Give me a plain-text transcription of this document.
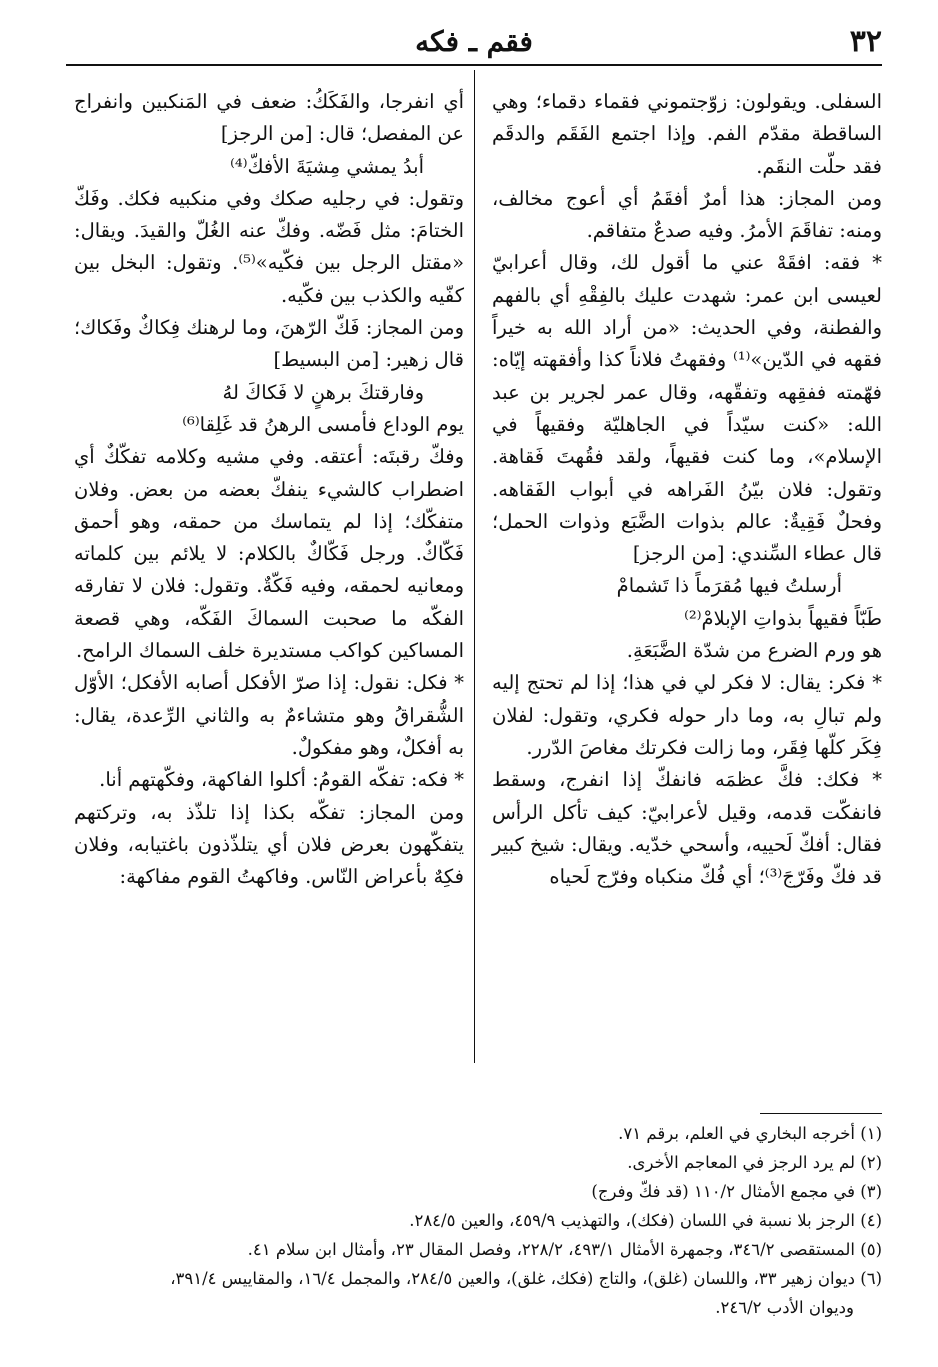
٣٢
فقم ـ فكه

السفلى. ويقولون: زوّجتموني فقماء دقماء؛ وهي الساقطة مقدّم الفم. وإذا اجتمع الفَقَم والدقَم فقد حلّت النقَم.

ومن المجاز: هذا أمرٌ أفقَمُ أي أعوج مخالف، ومنه: تفاقَمَ الأمرُ. وفيه صدعٌ متفاقم.

* فقه: افقَهْ عني ما أقول لك، وقال أعرابيّ لعيسى ابن عمر: شهدت عليك بالفِقْهِ أي بالفهم والفطنة، وفي الحديث: «من أراد الله به خيراً فقهه في الدّين»⁽¹⁾ وفقهتُ فلاناً كذا وأفقهته إيّاه: فهّمته ففقِهه وتفقّهه، وقال عمر لجرير بن عبد الله: «كنت سيّداً في الجاهليّة وفقيهاً في الإسلام»، وما كنت فقيهاً، ولقد فقُهتَ فَقاهة. وتقول: فلان بيّنُ الفَراهه في أبواب الفَقاهه. وفحلٌ فَقِيةٌ: عالم بذوات الضَّبَع وذوات الحمل؛ قال عطاء السِّندي: [من الرجز]

أرسلتُ فيها مُقرَماً ذا تَشمامْ

طَبّاً فقيهاً بذواتِ الإبلامْ⁽²⁾

هو ورم الضرع من شدّة الضَّبَعَةِ.

* فكر: يقال: لا فكر لي في هذا؛ إذا لم تحتج إليه ولم تبالِ به، وما دار حوله فكري، وتقول: لفلان فِكَر كلّها فِقَر، وما زالت فكرتك مغاصَ الدّرر.

* فكك: فكَّ عظمَه فانفكّ إذا انفرج، وسقط فانفكّت قدمه، وقيل لأعرابيّ: كيف تأكل الرأس فقال: أفكّ لَحييه، وأسحي خدّيه. ويقال: شيخ كبير قد فكّ وفَرّجَ⁽³⁾؛ أي فُكّ منكباه وفرّج لَحياه

أي انفرجا، والفَكَكُ: ضعف في المَنكبين وانفراج عن المفصل؛ قال: [من الرجز]

أبدُ يمشي مِشيَةَ الأفكّ⁽⁴⁾

وتقول: في رجليه صكك وفي منكبيه فكك. وفَكّ الختامَ: مثل فَضّه. وفكّ عنه الغُلّ والقيدَ. ويقال: «مقتل الرجل بين فكّيه»⁽⁵⁾. وتقول: البخل بين كفّيه والكذب بين فكّيه.

ومن المجاز: فَكّ الرّهنَ، وما لرهنك فِكاكٌ وفَكاك؛ قال زهير: [من البسيط]

وفارقتكَ برهنٍ لا فَكاكَ لهُ

يوم الوداع فأمسى الرهنُ قد غَلِقا⁽⁶⁾

وفكّ رقبتَه: أعتقه. وفي مشيه وكلامه تفكّكٌ أي اضطراب كالشيء ينفكّ بعضه من بعض. وفلان متفكّك؛ إذا لم يتماسك من حمقه، وهو أحمق فَكّاكٌ. ورجل فَكّاكٌ بالكلام: لا يلائم بين كلماته ومعانيه لحمقه، وفيه فَكّةٌ. وتقول: فلان لا تفارقه الفكّه ما صحبت السماكَ الفَكّه، وهي قصعة المساكين كواكب مستديرة خلف السماك الرامح.

* فكل: نقول: إذا صرّ الأفكل أصابه الأفكل؛ الأوّل الشُّقراقُ وهو متشاءمٌ به والثاني الرِّعدة، يقال: به أفكلٌ، وهو مفكولٌ.

* فكه: تفكّه القومُ: أكلوا الفاكهة، وفكّهتهم أنا.

ومن المجاز: تفكّه بكذا إذا تلذّذ به، وتركتهم يتفكّهون بعرض فلان أي يتلذّذون باغتيابه، وفلان فكِهٌ بأعراض النّاس. وفاكهتُ القوم مفاكهة:

(١) أخرجه البخاري في العلم، برقم ٧١.

(٢) لم يرد الرجز في المعاجم الأخرى.

(٣) في مجمع الأمثال ١١٠/٢ (قد فكّ وفرج)

(٤) الرجز بلا نسبة في اللسان (فكك)، والتهذيب ٤٥٩/٩، والعين ٢٨٤/٥.

(٥) المستقصى ٣٤٦/٢، وجمهرة الأمثال ٤٩٣/١، ٢٢٨/٢، وفصل المقال ٢٣، وأمثال ابن سلام ٤١.

(٦) ديوان زهير ٣٣، واللسان (غلق)، والتاج (فكك، غلق)، والعين ٢٨٤/٥، والمجمل ١٦/٤، والمقاييس ٣٩١/٤،

وديوان الأدب ٢٤٦/٢.
